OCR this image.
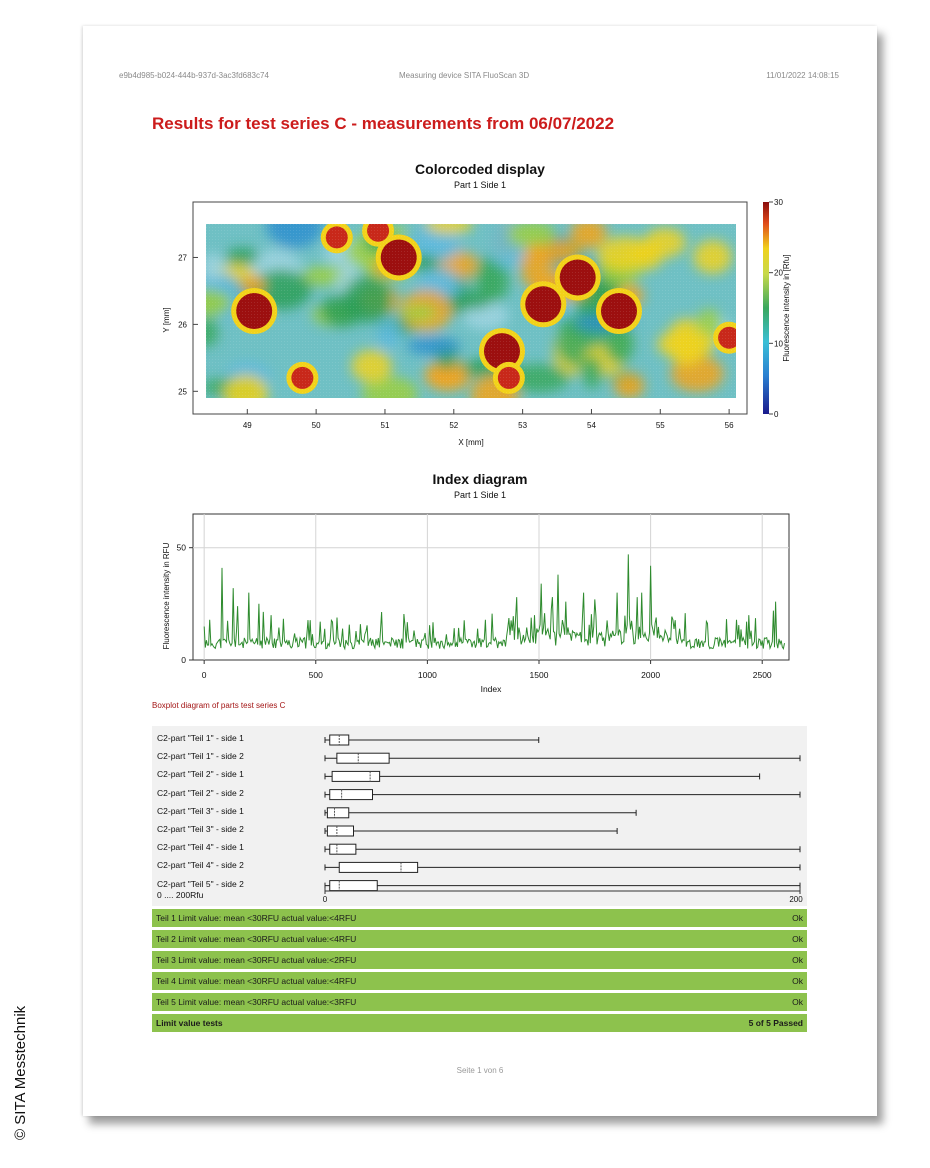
e9b4d985-b024-444b-937d-3ac3fd683c74	Measuring device SITA FluoScan 3D	11/01/2022 14:08:15
Results for test series C - measurements from 06/07/2022
Colorcoded display
Part 1 Side 1
49	50	51	52	53	54	55	56
27
26
25
30
20
10
0
Fluorescence intensity in [Rfu]
Y [mm]
X [mm]
Index diagram
Part 1 Side 1
0	500	1000	1500	2000	2500
50
0
Fluorescence intensity in RFU
Index
Boxplot diagram of parts test series C
C2-part "Teil 1" - side 1
C2-part "Teil 1" - side 2
C2-part "Teil 2" - side 1
C2-part "Teil 2" - side 2
C2-part "Teil 3" - side 1
C2-part "Teil 3" - side 2
C2-part "Teil 4" - side 1
C2-part "Teil 4" - side 2
C2-part "Teil 5" - side 2
0 .... 200Rfu	0	200
Teil 1 Limit value: mean <30RFU actual value:<4RFU	Ok
Teil 2 Limit value: mean <30RFU actual value:<4RFU	Ok
Teil 3 Limit value: mean <30RFU actual value:<2RFU	Ok
Teil 4 Limit value: mean <30RFU actual value:<4RFU	Ok
Teil 5 Limit value: mean <30RFU actual value:<3RFU	Ok
Limit value tests	5 of 5 Passed
Seite 1 von 6
© SITA Messtechnik
